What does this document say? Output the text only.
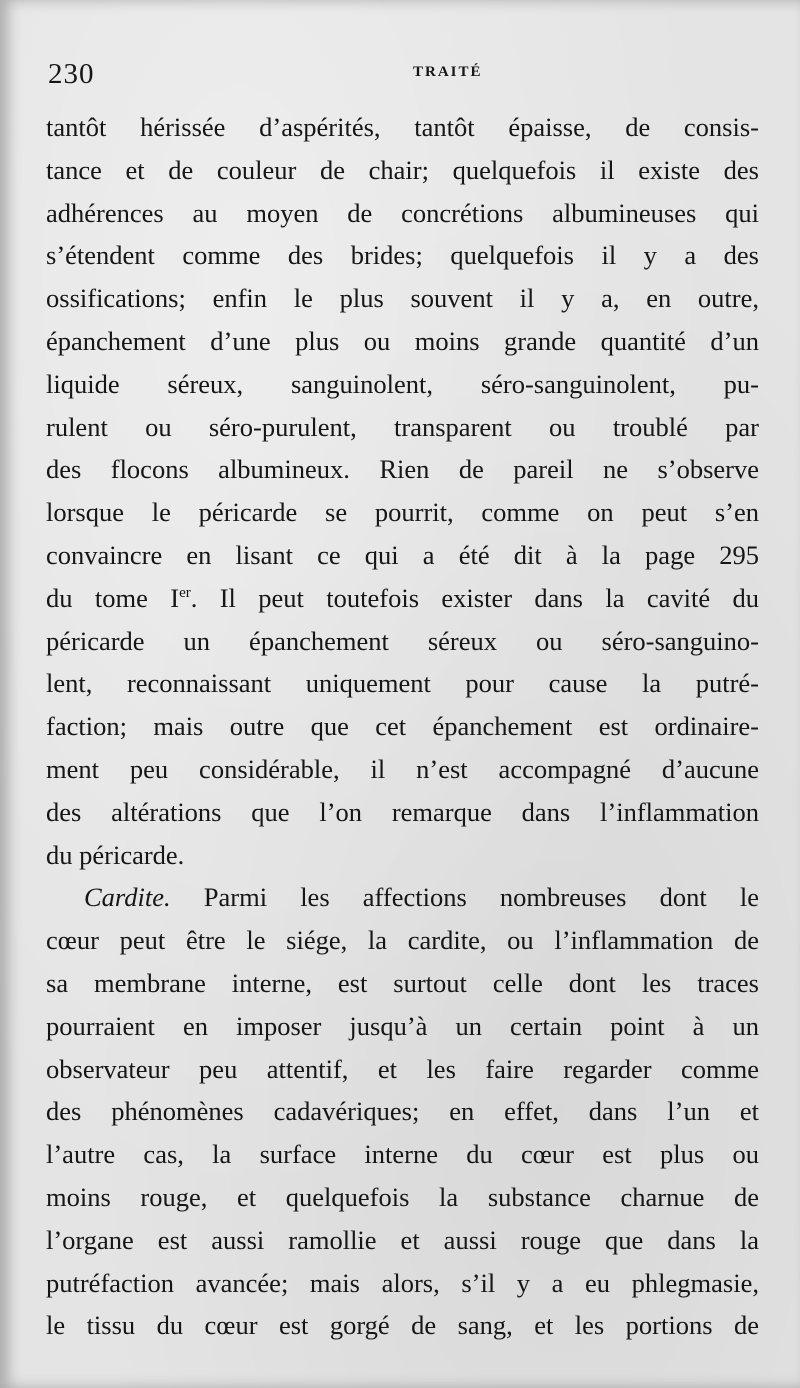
230	TRAITÉ
tantôt hérissée d’aspérités, tantôt épaisse, de consis-
tance et de couleur de chair; quelquefois il existe des
adhérences au moyen de concrétions albumineuses qui
s’étendent comme des brides; quelquefois il y a des
ossifications; enfin le plus souvent il y a, en outre,
épanchement d’une plus ou moins grande quantité d’un
liquide séreux, sanguinolent, séro-sanguinolent, pu-
rulent ou séro-purulent, transparent ou troublé par
des flocons albumineux. Rien de pareil ne s’observe
lorsque le péricarde se pourrit, comme on peut s’en
convaincre en lisant ce qui a été dit à la page 295
du tome Ier. Il peut toutefois exister dans la cavité du
péricarde un épanchement séreux ou séro-sanguino-
lent, reconnaissant uniquement pour cause la putré-
faction; mais outre que cet épanchement est ordinaire-
ment peu considérable, il n’est accompagné d’aucune
des altérations que l’on remarque dans l’inflammation
du péricarde.
Cardite. Parmi les affections nombreuses dont le
cœur peut être le siége, la cardite, ou l’inflammation de
sa membrane interne, est surtout celle dont les traces
pourraient en imposer jusqu’à un certain point à un
observateur peu attentif, et les faire regarder comme
des phénomènes cadavériques; en effet, dans l’un et
l’autre cas, la surface interne du cœur est plus ou
moins rouge, et quelquefois la substance charnue de
l’organe est aussi ramollie et aussi rouge que dans la
putréfaction avancée; mais alors, s’il y a eu phlegmasie,
le tissu du cœur est gorgé de sang, et les portions de
